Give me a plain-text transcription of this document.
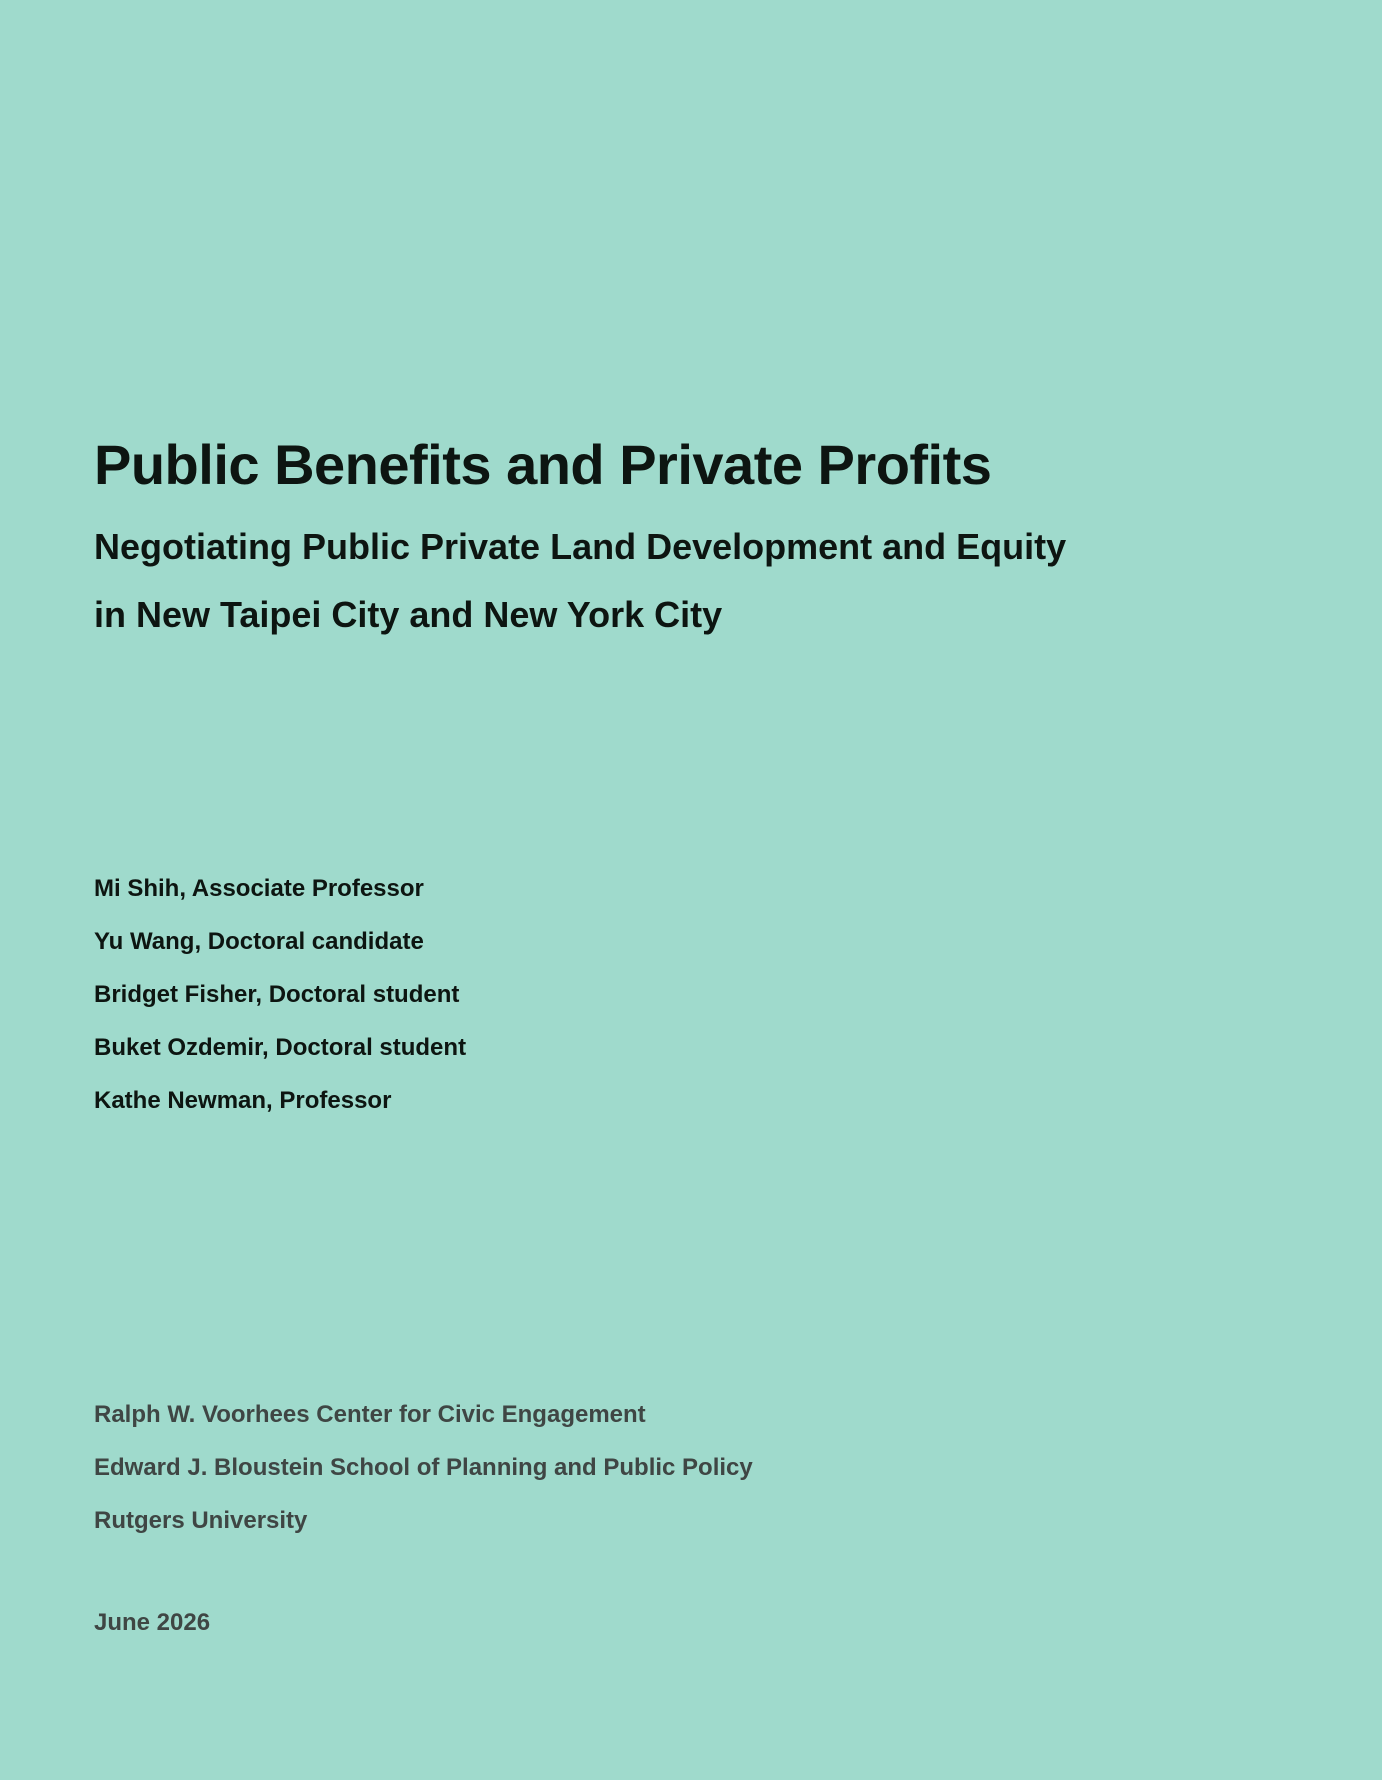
Public Benefits and Private Profits
Negotiating Public Private Land Development and Equity
in New Taipei City and New York City
Mi Shih, Associate Professor
Yu Wang, Doctoral candidate
Bridget Fisher, Doctoral student
Buket Ozdemir, Doctoral student
Kathe Newman, Professor
Ralph W. Voorhees Center for Civic Engagement
Edward J. Bloustein School of Planning and Public Policy
Rutgers University
June 2026
